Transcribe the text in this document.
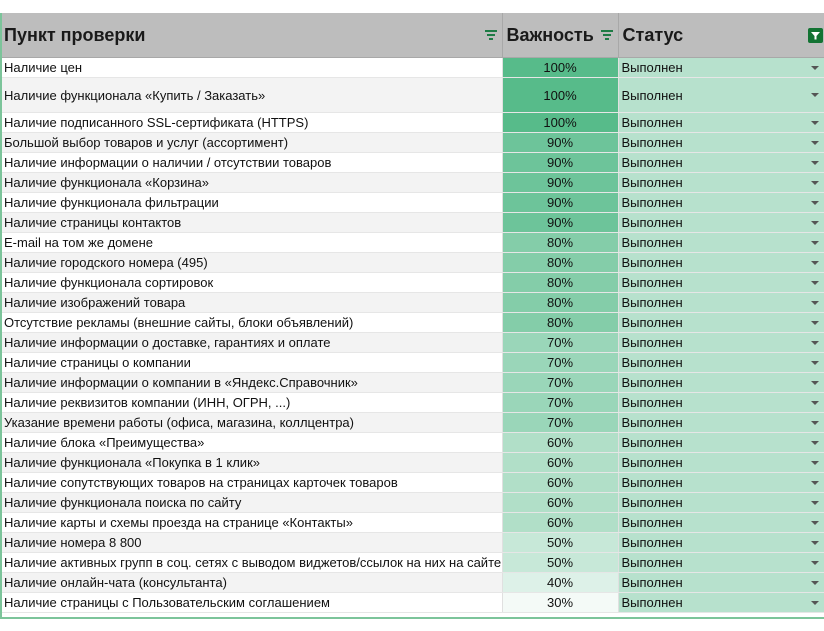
Пункт проверки	Важность	Статус

Наличие цен	100%	Выполнен

Наличие функционала «Купить / Заказать»	100%	Выполнен

Наличие подписанного SSL-сертификата (HTTPS)	100%	Выполнен

Большой выбор товаров и услуг (ассортимент)	90%	Выполнен

Наличие информации о наличии / отсутствии товаров	90%	Выполнен

Наличие функционала «Корзина»	90%	Выполнен

Наличие функционала фильтрации	90%	Выполнен

Наличие страницы контактов	90%	Выполнен

E-mail на том же домене	80%	Выполнен

Наличие городского номера (495)	80%	Выполнен

Наличие функционала сортировок	80%	Выполнен

Наличие изображений товара	80%	Выполнен

Отсутствие рекламы (внешние сайты, блоки объявлений)	80%	Выполнен

Наличие информации о доставке, гарантиях и оплате	70%	Выполнен

Наличие страницы о компании	70%	Выполнен

Наличие информации о компании в «Яндекс.Справочник»	70%	Выполнен

Наличие реквизитов компании (ИНН, ОГРН, ...)	70%	Выполнен

Указание времени работы (офиса, магазина, коллцентра)	70%	Выполнен

Наличие блока «Преимущества»	60%	Выполнен

Наличие функционала «Покупка в 1 клик»	60%	Выполнен

Наличие сопутствующих товаров на страницах карточек товаров	60%	Выполнен

Наличие функционала поиска по сайту	60%	Выполнен

Наличие карты и схемы проезда на странице «Контакты»	60%	Выполнен

Наличие номера 8 800	50%	Выполнен

Наличие активных групп в соц. сетях с выводом виджетов/ссылок на них на сайте	50%	Выполнен

Наличие онлайн-чата (консультанта)	40%	Выполнен

Наличие страницы с Пользовательским соглашением	30%	Выполнен
